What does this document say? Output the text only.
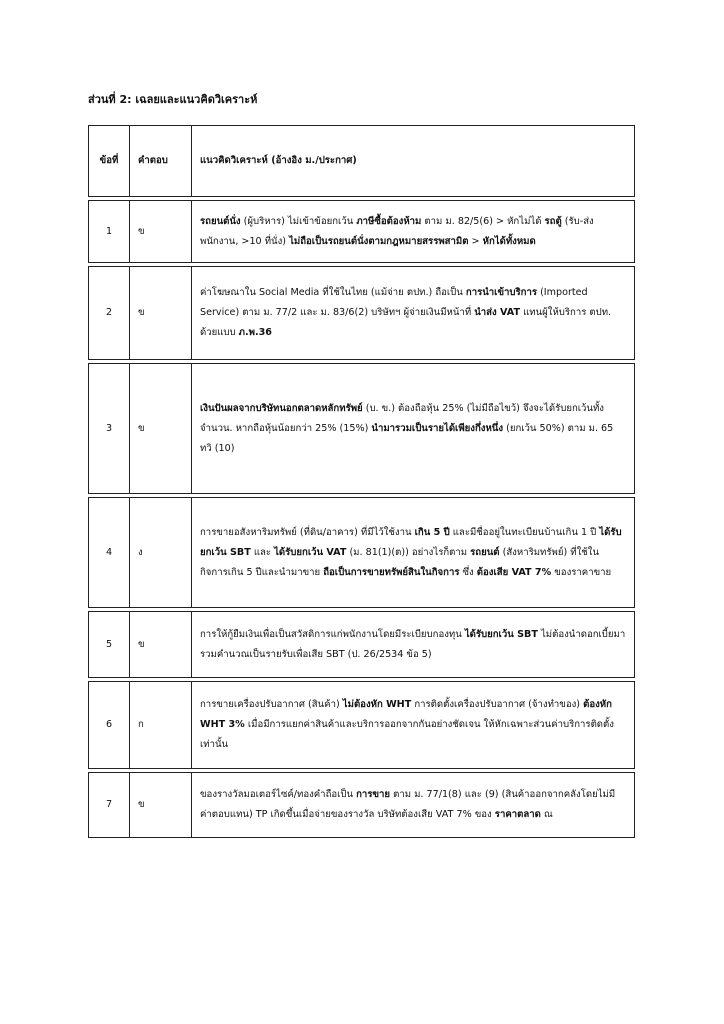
ส่วนที่ 2: เฉลยและแนวคิดวิเคราะห์
ข้อที่	คำตอบ	แนวคิดวิเคราะห์ (อ้างอิง ม./ประกาศ)
1	ข	รถยนต์นั่ง (ผู้บริหาร) ไม่เข้าข้อยกเว้น ภาษีซื้อต้องห้าม ตาม ม. 82/5(6) > หักไม่ได้ รถตู้ (รับ-ส่งพนักงาน, >10 ที่นั่ง) ไม่ถือเป็นรถยนต์นั่งตามกฎหมายสรรพสามิต > หักได้ทั้งหมด
2	ข	ค่าโฆษณาใน Social Media ที่ใช้ในไทย (แม้จ่าย ตปท.) ถือเป็น การนำเข้าบริการ (Imported Service) ตาม ม. 77/2 และ ม. 83/6(2) บริษัทฯ ผู้จ่ายเงินมีหน้าที่ นำส่ง VAT แทนผู้ให้บริการ ตปท. ด้วยแบบ ภ.พ.36
3	ข	เงินปันผลจากบริษัทนอกตลาดหลักทรัพย์ (บ. ข.) ต้องถือหุ้น 25% (ไม่มีถือไขว้) จึงจะได้รับยกเว้นทั้งจำนวน. หากถือหุ้นน้อยกว่า 25% (15%) นำมารวมเป็นรายได้เพียงกึ่งหนึ่ง (ยกเว้น 50%) ตาม ม. 65 ทวิ (10)
4	ง	การขายอสังหาริมทรัพย์ (ที่ดิน/อาคาร) ที่มีไว้ใช้งาน เกิน 5 ปี และมีชื่ออยู่ในทะเบียนบ้านเกิน 1 ปี ได้รับยกเว้น SBT และ ได้รับยกเว้น VAT (ม. 81(1)(ต)) อย่างไรก็ตาม รถยนต์ (สังหาริมทรัพย์) ที่ใช้ในกิจการเกิน 5 ปีและนำมาขาย ถือเป็นการขายทรัพย์สินในกิจการ ซึ่ง ต้องเสีย VAT 7% ของราคาขาย
5	ข	การให้กู้ยืมเงินเพื่อเป็นสวัสดิการแก่พนักงานโดยมีระเบียบกองทุน ได้รับยกเว้น SBT ไม่ต้องนำดอกเบี้ยมารวมคำนวณเป็นรายรับเพื่อเสีย SBT (ป. 26/2534 ข้อ 5)
6	ก	การขายเครื่องปรับอากาศ (สินค้า) ไม่ต้องหัก WHT การติดตั้งเครื่องปรับอากาศ (จ้างทำของ) ต้องหัก WHT 3% เมื่อมีการแยกค่าสินค้าและบริการออกจากกันอย่างชัดเจน ให้หักเฉพาะส่วนค่าบริการติดตั้งเท่านั้น
7	ข	ของรางวัลมอเตอร์ไซค์/ทองคำถือเป็น การขาย ตาม ม. 77/1(8) และ (9) (สินค้าออกจากคลังโดยไม่มีค่าตอบแทน) TP เกิดขึ้นเมื่อจ่ายของรางวัล บริษัทต้องเสีย VAT 7% ของ ราคาตลาด ณ
